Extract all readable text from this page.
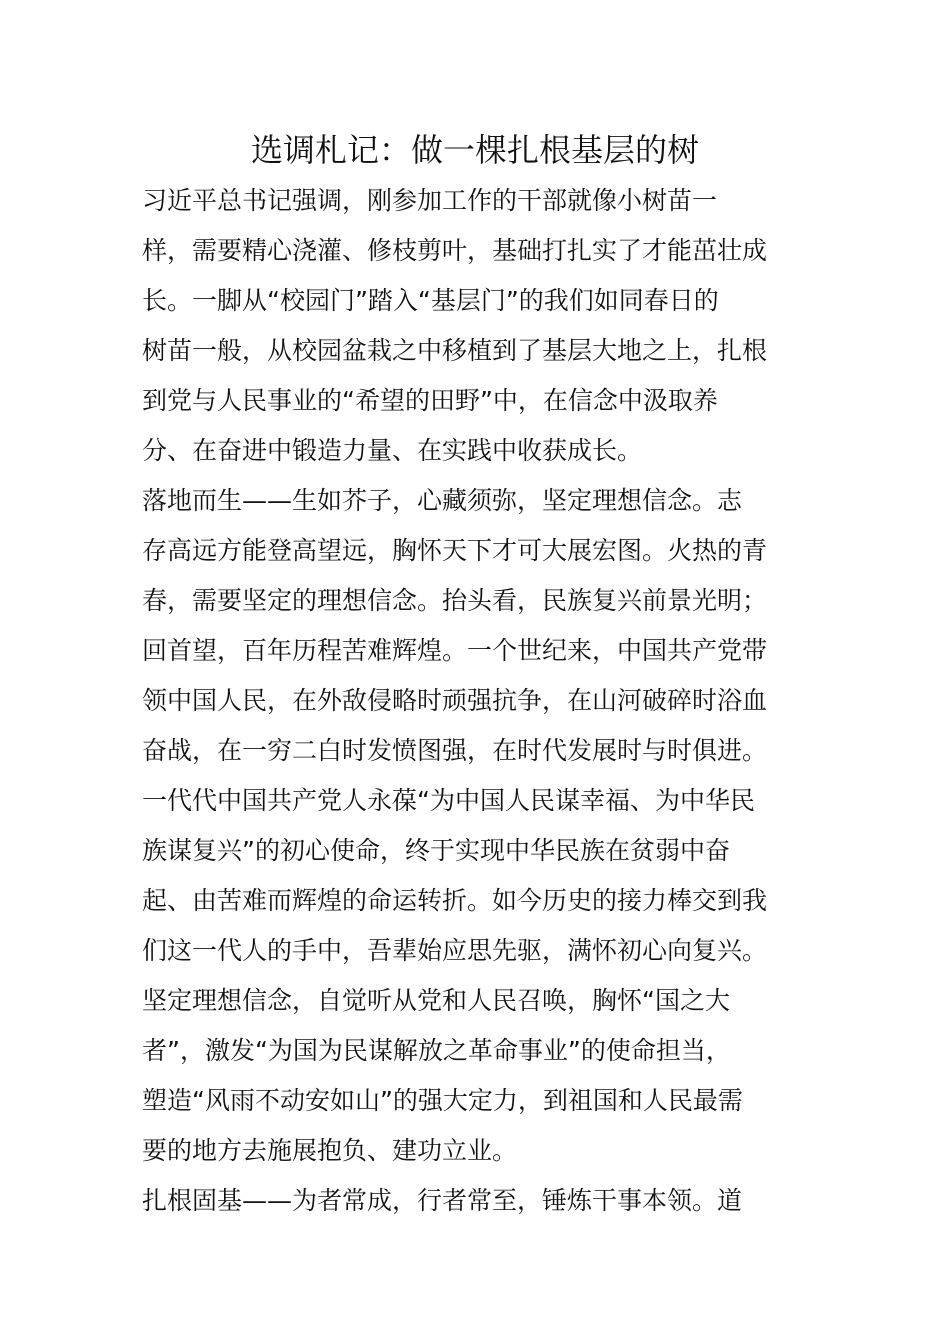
选调札记：做一棵扎根基层的树
习近平总书记强调，刚参加工作的干部就像小树苗一
样，需要精心浇灌、修枝剪叶，基础打扎实了才能茁壮成
长。一脚从“校园门”踏入“基层门”的我们如同春日的
树苗一般，从校园盆栽之中移植到了基层大地之上，扎根
到党与人民事业的“希望的田野”中，在信念中汲取养
分、在奋进中锻造力量、在实践中收获成长。
落地而生——生如芥子，心藏须弥，坚定理想信念。志
存高远方能登高望远，胸怀天下才可大展宏图。火热的青
春，需要坚定的理想信念。抬头看，民族复兴前景光明；
回首望，百年历程苦难辉煌。一个世纪来，中国共产党带
领中国人民，在外敌侵略时顽强抗争，在山河破碎时浴血
奋战，在一穷二白时发愤图强，在时代发展时与时俱进。
一代代中国共产党人永葆“为中国人民谋幸福、为中华民
族谋复兴”的初心使命，终于实现中华民族在贫弱中奋
起、由苦难而辉煌的命运转折。如今历史的接力棒交到我
们这一代人的手中，吾辈始应思先驱，满怀初心向复兴。
坚定理想信念，自觉听从党和人民召唤，胸怀“国之大
者”，激发“为国为民谋解放之革命事业”的使命担当，
塑造“风雨不动安如山”的强大定力，到祖国和人民最需
要的地方去施展抱负、建功立业。
扎根固基——为者常成，行者常至，锤炼干事本领。道
